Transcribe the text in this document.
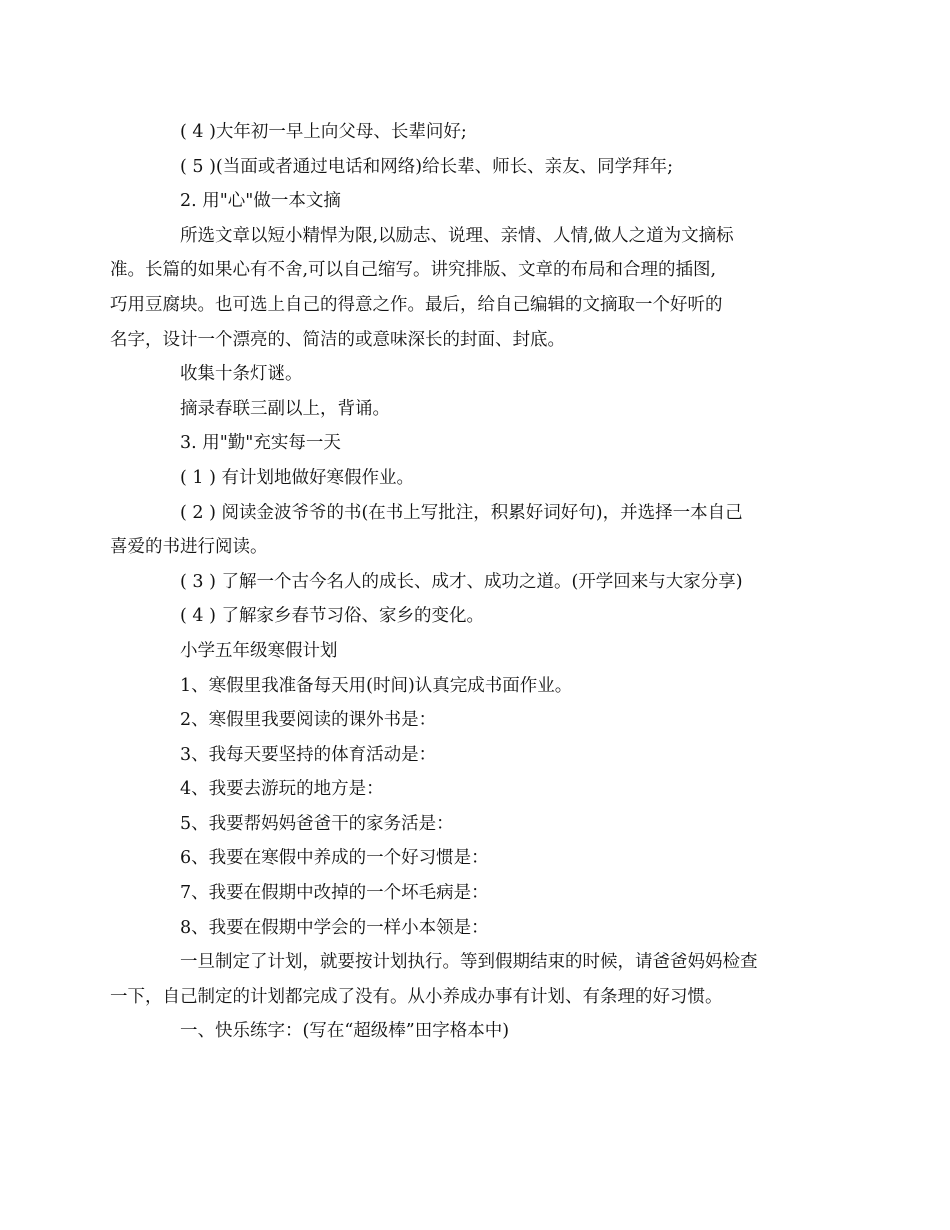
( 4 )大年初一早上向父母、长辈问好;
( 5 )(当面或者通过电话和网络)给长辈、师长、亲友、同学拜年;
2. 用"心"做一本文摘
所选文章以短小精悍为限,以励志、说理、亲情、人情,做人之道为文摘标
准。长篇的如果心有不舍,可以自己缩写。讲究排版、文章的布局和合理的插图,
巧用豆腐块。也可选上自己的得意之作。最后，给自己编辑的文摘取一个好听的
名字，设计一个漂亮的、简洁的或意味深长的封面、封底。
收集十条灯谜。
摘录春联三副以上，背诵。
3. 用"勤"充实每一天
( 1 ) 有计划地做好寒假作业。
( 2 ) 阅读金波爷爷的书(在书上写批注，积累好词好句)，并选择一本自己
喜爱的书进行阅读。
( 3 ) 了解一个古今名人的成长、成才、成功之道。(开学回来与大家分享)
( 4 ) 了解家乡春节习俗、家乡的变化。
小学五年级寒假计划
1、寒假里我准备每天用(时间)认真完成书面作业。
2、寒假里我要阅读的课外书是：
3、我每天要坚持的体育活动是：
4、我要去游玩的地方是：
5、我要帮妈妈爸爸干的家务活是：
6、我要在寒假中养成的一个好习惯是：
7、我要在假期中改掉的一个坏毛病是：
8、我要在假期中学会的一样小本领是：
一旦制定了计划，就要按计划执行。等到假期结束的时候，请爸爸妈妈检查
一下，自己制定的计划都完成了没有。从小养成办事有计划、有条理的好习惯。
一、快乐练字：(写在“超级棒”田字格本中)
